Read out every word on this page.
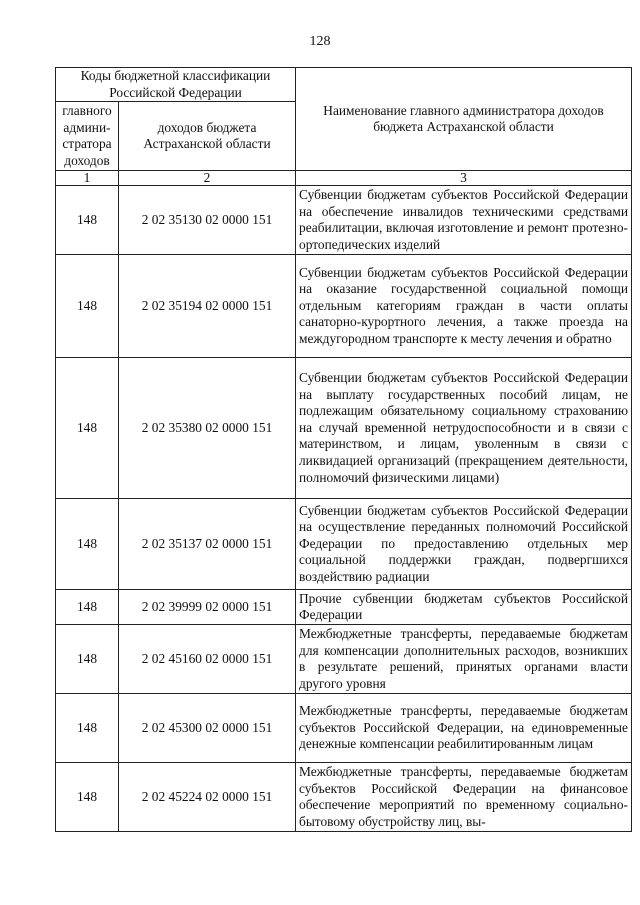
128
Коды бюджетной классификации Российской Федерации		Наименование главного администратора доходов бюджета Астраханской области
главного админи-стратора доходов	доходов бюджета Астраханской области	
1	2	3
148	2 02 35130 02 0000 151	Субвенции бюджетам субъектов Российской Федерации на обеспечение инвалидов техническими средствами реабилитации, включая изготовление и ремонт протезно-ортопедических изделий
148	2 02 35194 02 0000 151	Субвенции бюджетам субъектов Российской Федерации на оказание государственной социальной помощи отдельным категориям граждан в части оплаты санаторно-курортного лечения, а также проезда на междугородном транспорте к месту лечения и обратно
148	2 02 35380 02 0000 151	Субвенции бюджетам субъектов Российской Федерации на выплату государственных пособий лицам, не подлежащим обязательному социальному страхованию на случай временной нетрудоспособности и в связи с материнством, и лицам, уволенным в связи с ликвидацией организаций (прекращением деятельности, полномочий физическими лицами)
148	2 02 35137 02 0000 151	Субвенции бюджетам субъектов Российской Федерации на осуществление переданных полномочий Российской Федерации по предоставлению отдельных мер социальной поддержки граждан, подвергшихся воздействию радиации
148	2 02 39999 02 0000 151	Прочие субвенции бюджетам субъектов Российской Федерации
148	2 02 45160 02 0000 151	Межбюджетные трансферты, передаваемые бюджетам для компенсации дополнительных расходов, возникших в результате решений, принятых органами власти другого уровня
148	2 02 45300 02 0000 151	Межбюджетные трансферты, передаваемые бюджетам субъектов Российской Федерации, на единовременные денежные компенсации реабилитированным лицам
148	2 02 45224 02 0000 151	Межбюджетные трансферты, передаваемые бюджетам субъектов Российской Федерации на финансовое обеспечение мероприятий по временному социально-бытовому обустройству лиц, вы-
